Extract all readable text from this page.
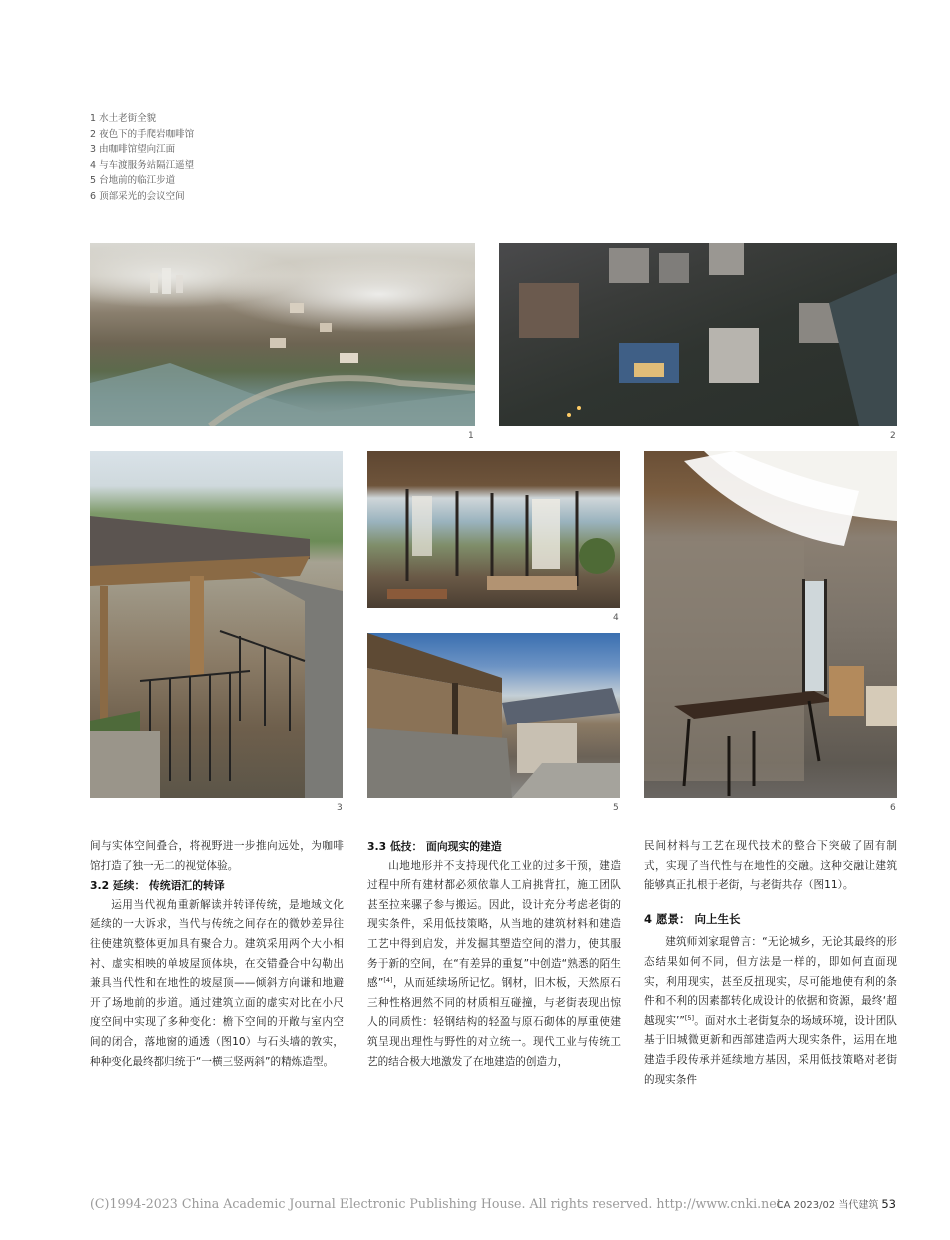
1 水土老街全貌
2 夜色下的手爬岩咖啡馆
3 由咖啡馆望向江面
4 与车渡服务站隔江遥望
5 台地前的临江步道
6 顶部采光的会议空间
1	2
3
4
5	6

间与实体空间叠合，将视野进一步推向远处，为咖啡馆打造了独一无二的视觉体验。

3.2 延续： 传统语汇的转译

运用当代视角重新解读并转译传统，是地域文化延续的一大诉求，当代与传统之间存在的微妙差异往往使建筑整体更加具有聚合力。建筑采用两个大小相衬、虚实相映的单坡屋顶体块，在交错叠合中勾勒出兼具当代性和在地性的坡屋顶——倾斜方向谦和地避开了场地前的步道。通过建筑立面的虚实对比在小尺度空间中实现了多种变化：檐下空间的开敞与室内空间的闭合，落地窗的通透（图10）与石头墙的敦实，种种变化最终都归统于“一横三竖两斜”的精炼造型。

3.3 低技： 面向现实的建造

山地地形并不支持现代化工业的过多干预，建造过程中所有建材都必须依靠人工肩挑背扛，施工团队甚至拉来骡子参与搬运。因此，设计充分考虑老街的现实条件，采用低技策略，从当地的建筑材料和建造工艺中得到启发，并发掘其塑造空间的潜力，使其服务于新的空间，在“有差异的重复”中创造“熟悉的陌生感”[4]，从而延续场所记忆。钢材，旧木板，天然原石三种性格迥然不同的材质相互碰撞，与老街表现出惊人的同质性：轻钢结构的轻盈与原石砌体的厚重使建筑呈现出理性与野性的对立统一。现代工业与传统工艺的结合极大地激发了在地建造的创造力，

民间材料与工艺在现代技术的整合下突破了固有制式，实现了当代性与在地性的交融。这种交融让建筑能够真正扎根于老街，与老街共存（图11）。

4 愿景： 向上生长

建筑师刘家琨曾言：“无论城乡，无论其最终的形态结果如何不同，但方法是一样的，即如何直面现实，利用现实，甚至反扭现实，尽可能地使有利的条件和不利的因素都转化成设计的依据和资源，最终‘超越现实’”[5]。面对水土老街复杂的场域环境，设计团队基于旧城微更新和西部建造两大现实条件，运用在地建造手段传承并延续地方基因，采用低技策略对老街的现实条件

(C)1994-2023 China Academic Journal Electronic Publishing House. All rights reserved. http://www.cnki.net
CA 2023/02 当代建筑 53
